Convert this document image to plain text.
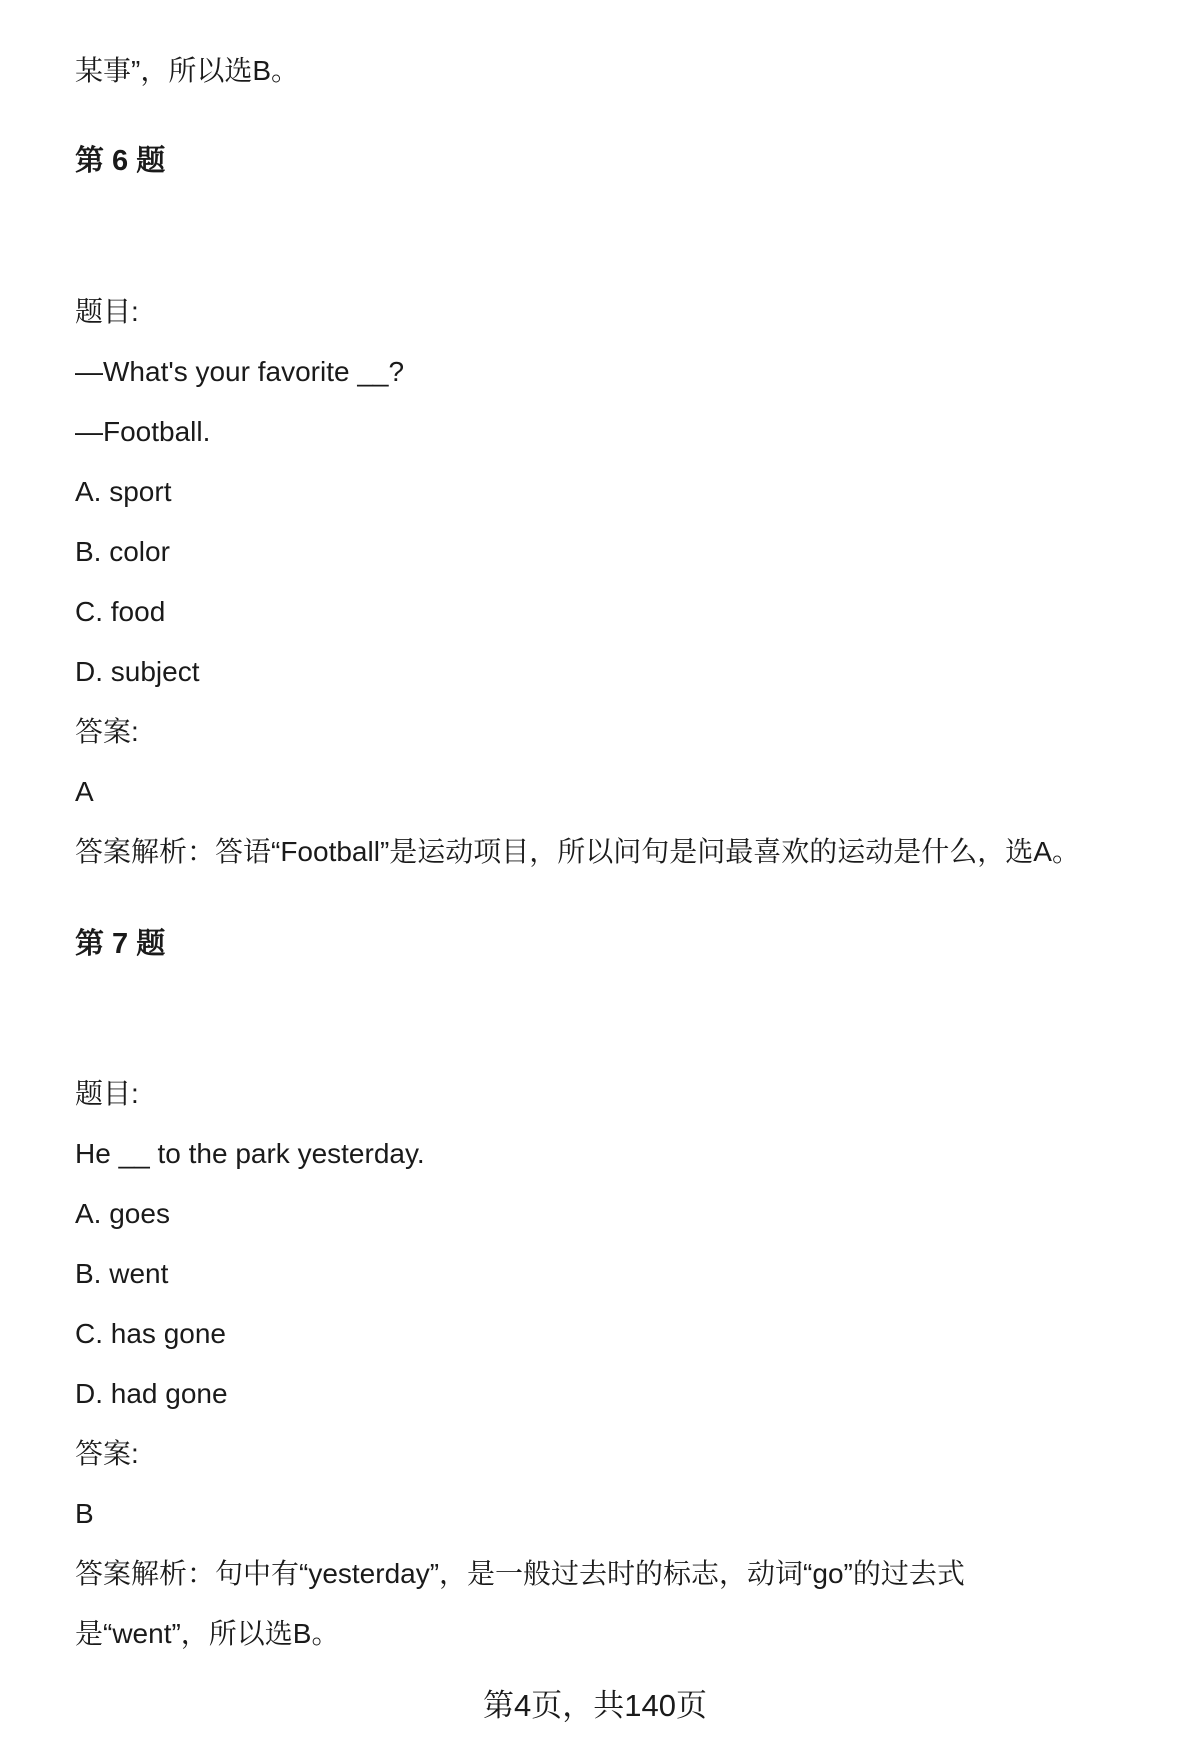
某事”，所以选B。
第 6 题
题目:
—What's your favorite __?
—Football.
A. sport
B. color
C. food
D. subject
答案:
A
答案解析：答语“Football”是运动项目，所以问句是问最喜欢的运动是什么，选A。
第 7 题
题目:
He __ to the park yesterday.
A. goes
B. went
C. has gone
D. had gone
答案:
B
答案解析：句中有“yesterday”，是一般过去时的标志，动词“go”的过去式
是“went”，所以选B。
第4页，共140页
